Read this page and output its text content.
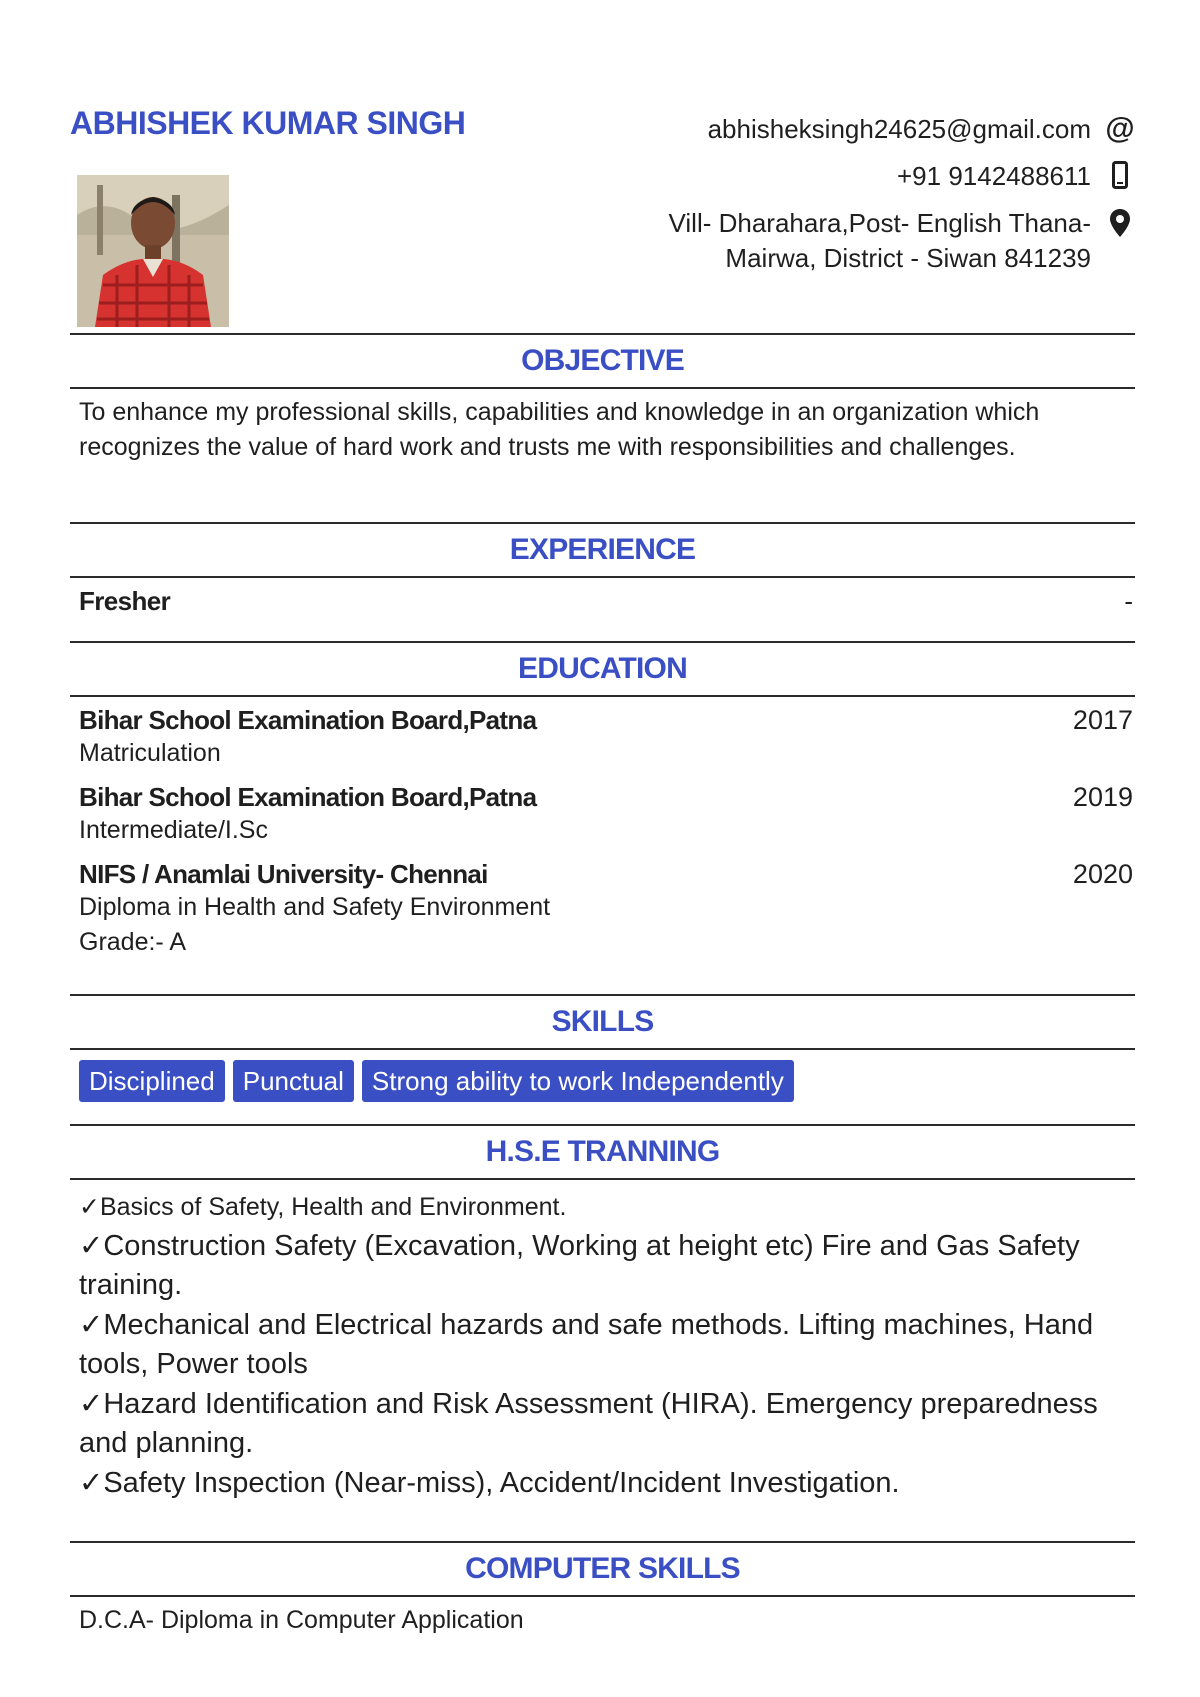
ABHISHEK KUMAR SINGH	abhisheksingh24625@gmail.com @
+91 9142488611
Vill- Dharahara,Post- English Thana- Mairwa, District - Siwan 841239
OBJECTIVE
To enhance my professional skills, capabilities and knowledge in an organization which recognizes the value of hard work and trusts me with responsibilities and challenges.
EXPERIENCE
Fresher	-
EDUCATION
Bihar School Examination Board,Patna	2017
Matriculation
Bihar School Examination Board,Patna	2019
Intermediate/I.Sc
NIFS / Anamlai University- Chennai	2020
Diploma in Health and Safety Environment
Grade:- A
SKILLS
Disciplined	Punctual	Strong ability to work Independently
H.S.E TRANNING
✓Basics of Safety, Health and Environment.
✓Construction Safety (Excavation, Working at height etc) Fire and Gas Safety training.
✓Mechanical and Electrical hazards and safe methods. Lifting machines, Hand tools, Power tools
✓Hazard Identification and Risk Assessment (HIRA). Emergency preparedness and planning.
✓Safety Inspection (Near-miss), Accident/Incident Investigation.
COMPUTER SKILLS
D.C.A- Diploma in Computer Application
